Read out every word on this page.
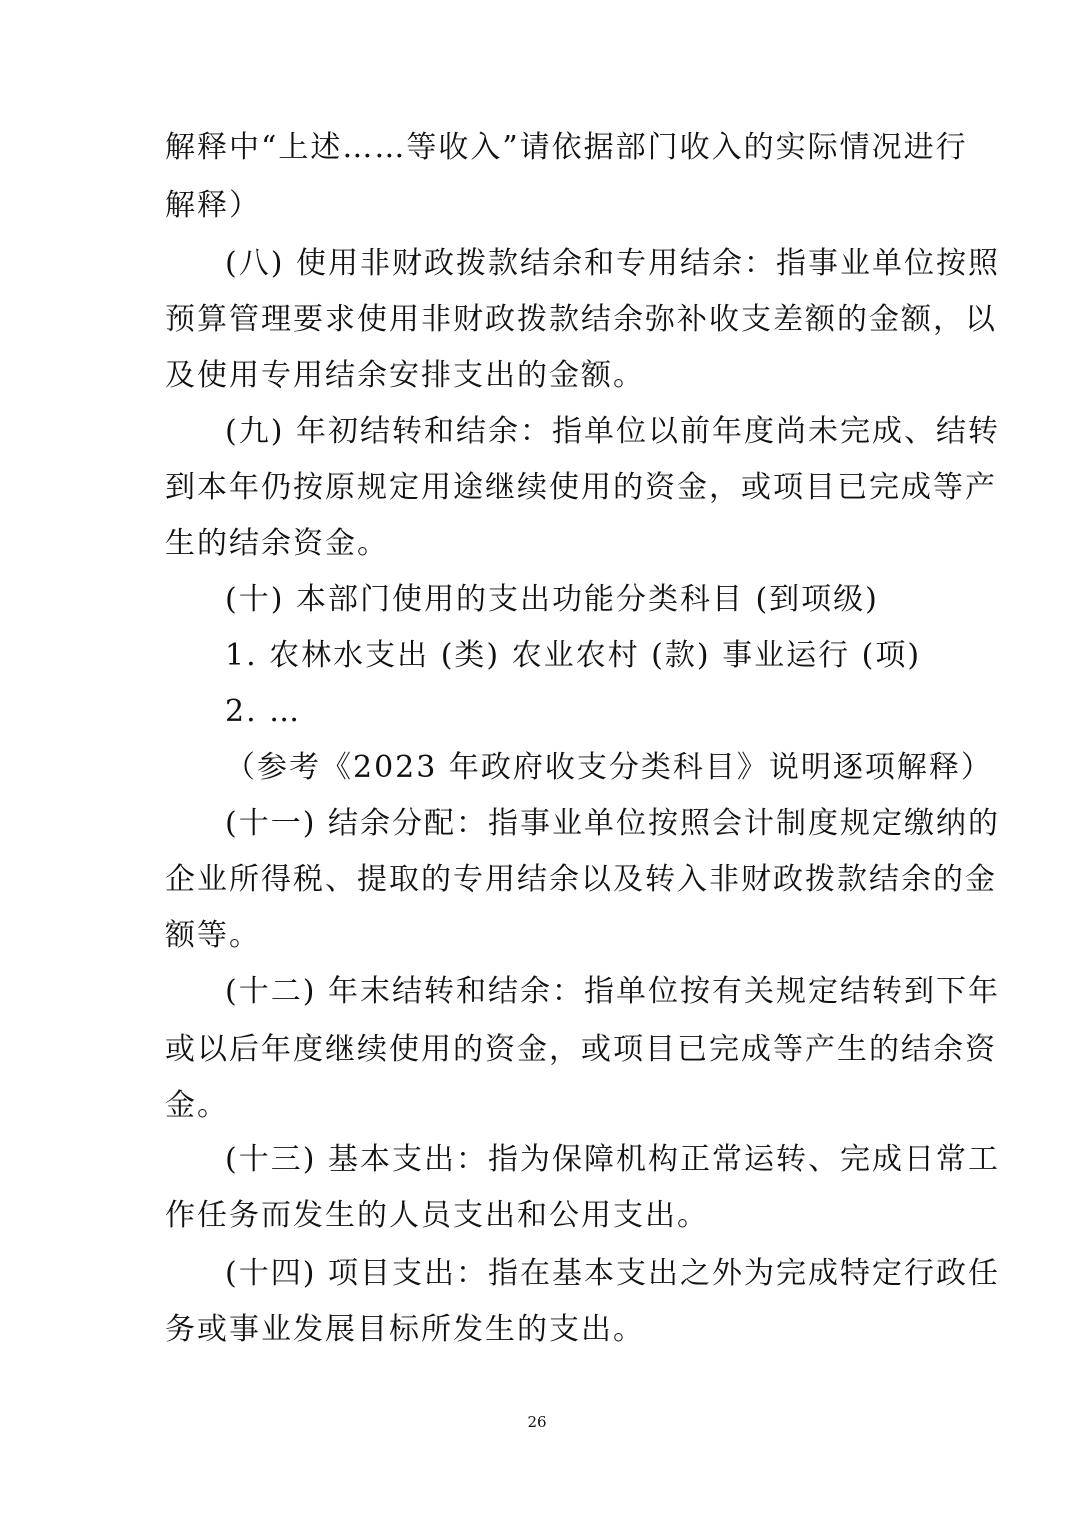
解释中“上述……等收入”请依据部门收入的实际情况进行
解释）
(八) 使用非财政拨款结余和专用结余：指事业单位按照
预算管理要求使用非财政拨款结余弥补收支差额的金额，以
及使用专用结余安排支出的金额。
(九) 年初结转和结余：指单位以前年度尚未完成、结转
到本年仍按原规定用途继续使用的资金，或项目已完成等产
生的结余资金。
(十) 本部门使用的支出功能分类科目 (到项级)
1. 农林水支出 (类) 农业农村 (款) 事业运行 (项)
2. …
（参考《2023 年政府收支分类科目》说明逐项解释）
(十一) 结余分配：指事业单位按照会计制度规定缴纳的
企业所得税、提取的专用结余以及转入非财政拨款结余的金
额等。
(十二) 年末结转和结余：指单位按有关规定结转到下年
或以后年度继续使用的资金，或项目已完成等产生的结余资
金。
(十三) 基本支出：指为保障机构正常运转、完成日常工
作任务而发生的人员支出和公用支出。
(十四) 项目支出：指在基本支出之外为完成特定行政任
务或事业发展目标所发生的支出。
26
